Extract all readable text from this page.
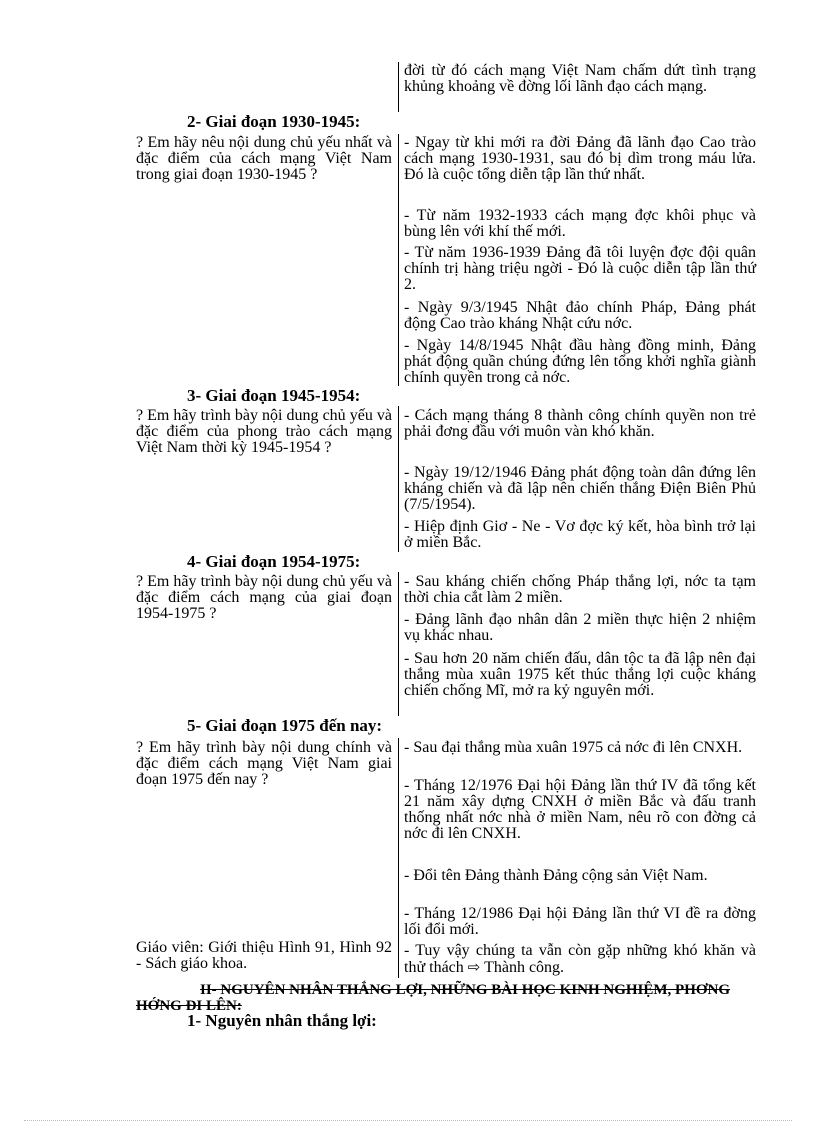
đời từ đó cách mạng Việt Nam chấm dứt tình trạng khủng khoảng về đờng lối lãnh đạo cách mạng.
2- Giai đoạn 1930-1945:
? Em hãy nêu nội dung chủ yếu nhất và đặc điểm của cách mạng Việt Nam trong giai đoạn 1930-1945 ?
- Ngay từ khi mới ra đời Đảng đã lãnh đạo Cao trào cách mạng 1930-1931, sau đó bị dìm trong máu lửa. Đó là cuộc tổng diễn tập lần thứ nhất.
- Từ năm 1932-1933 cách mạng đợc khôi phục và bùng lên với khí thế mới.
- Từ năm 1936-1939 Đảng đã tôi luyện đợc đội quân chính trị hàng triệu ngời - Đó là cuộc diễn tập lần thứ 2.
- Ngày 9/3/1945 Nhật đảo chính Pháp, Đảng phát động Cao trào kháng Nhật cứu nớc.
- Ngày 14/8/1945 Nhật đầu hàng đồng minh, Đảng phát động quần chúng đứng lên tổng khởi nghĩa giành chính quyền trong cả nớc.
3- Giai đoạn 1945-1954:
? Em hãy trình bày nội dung chủ yếu và đặc điểm của phong trào cách mạng Việt Nam thời kỳ 1945-1954 ?
- Cách mạng tháng 8 thành công chính quyền non trẻ phải đơng đầu với muôn vàn khó khăn.
- Ngày 19/12/1946 Đảng phát động toàn dân đứng lên kháng chiến và đã lập nên chiến thắng Điện Biên Phủ (7/5/1954).
- Hiệp định Giơ - Ne - Vơ đợc ký kết, hòa bình trở lại ở miền Bắc.
4- Giai đoạn 1954-1975:
? Em hãy trình bày nội dung chủ yếu và đặc điểm cách mạng của giai đoạn 1954-1975 ?
- Sau kháng chiến chống Pháp thắng lợi, nớc ta tạm thời chia cắt làm 2 miền.
- Đảng lãnh đạo nhân dân 2 miền thực hiện 2 nhiệm vụ khác nhau.
- Sau hơn 20 năm chiến đấu, dân tộc ta đã lập nên đại thắng mùa xuân 1975 kết thúc thắng lợi cuộc kháng chiến chống Mĩ, mở ra kỷ nguyên mới.
5- Giai đoạn 1975 đến nay:
? Em hãy trình bày nội dung chính và đặc điểm cách mạng Việt Nam giai đoạn 1975 đến nay ?
- Sau đại thắng mùa xuân 1975 cả nớc đi lên CNXH.
- Tháng 12/1976 Đại hội Đảng lần thứ IV đã tổng kết 21 năm xây dựng CNXH ở miền Bắc và đấu tranh thống nhất nớc nhà ở miền Nam, nêu rõ con đờng cả nớc đi lên CNXH.
- Đổi tên Đảng thành Đảng cộng sản Việt Nam.
- Tháng 12/1986 Đại hội Đảng lần thứ VI đề ra đờng lối đổi mới.
Giáo viên: Giới thiệu Hình 91, Hình 92 - Sách giáo khoa.
- Tuy vậy chúng ta vẫn còn gặp những khó khăn và thử thách ⇨ Thành công.
II- NGUYÊN NHÂN THẮNG LỢI, NHỮNG BÀI HỌC KINH NGHIỆM, PHƠNG HỚNG ĐI LÊN:
1- Nguyên nhân thắng lợi:
